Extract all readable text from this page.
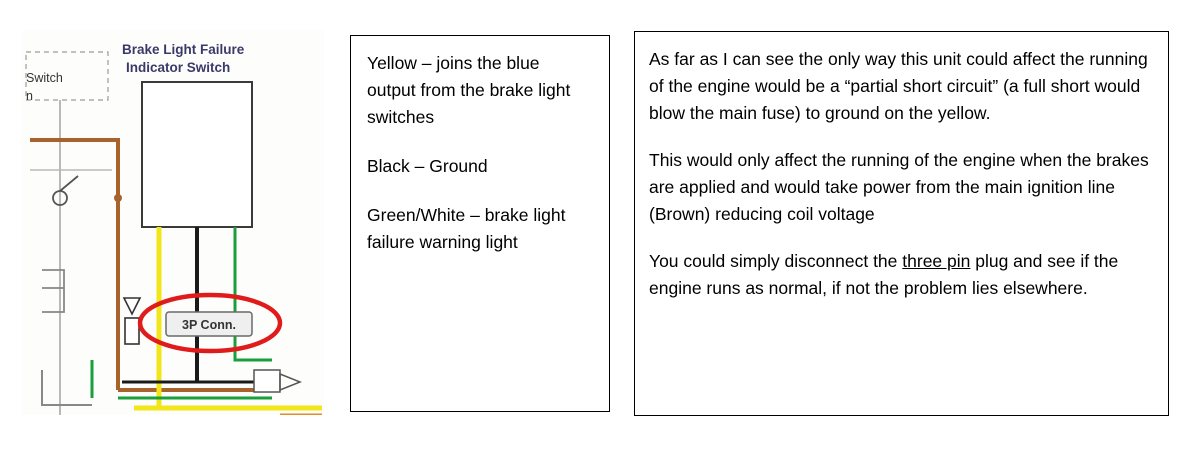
3P Conn.
Brake Light Failure
Indicator Switch
Switch
n

Yellow – joins the blue output from the brake light switches

Black – Ground

Green/White – brake light failure warning light

As far as I can see the only way this unit could affect the running of the engine would be a “partial short circuit” (a full short would blow the main fuse) to ground on the yellow.

This would only affect the running of the engine when the brakes are applied and would take power from the main ignition line (Brown) reducing coil voltage

You could simply disconnect the three pin plug and see if the engine runs as normal, if not the problem lies elsewhere.
